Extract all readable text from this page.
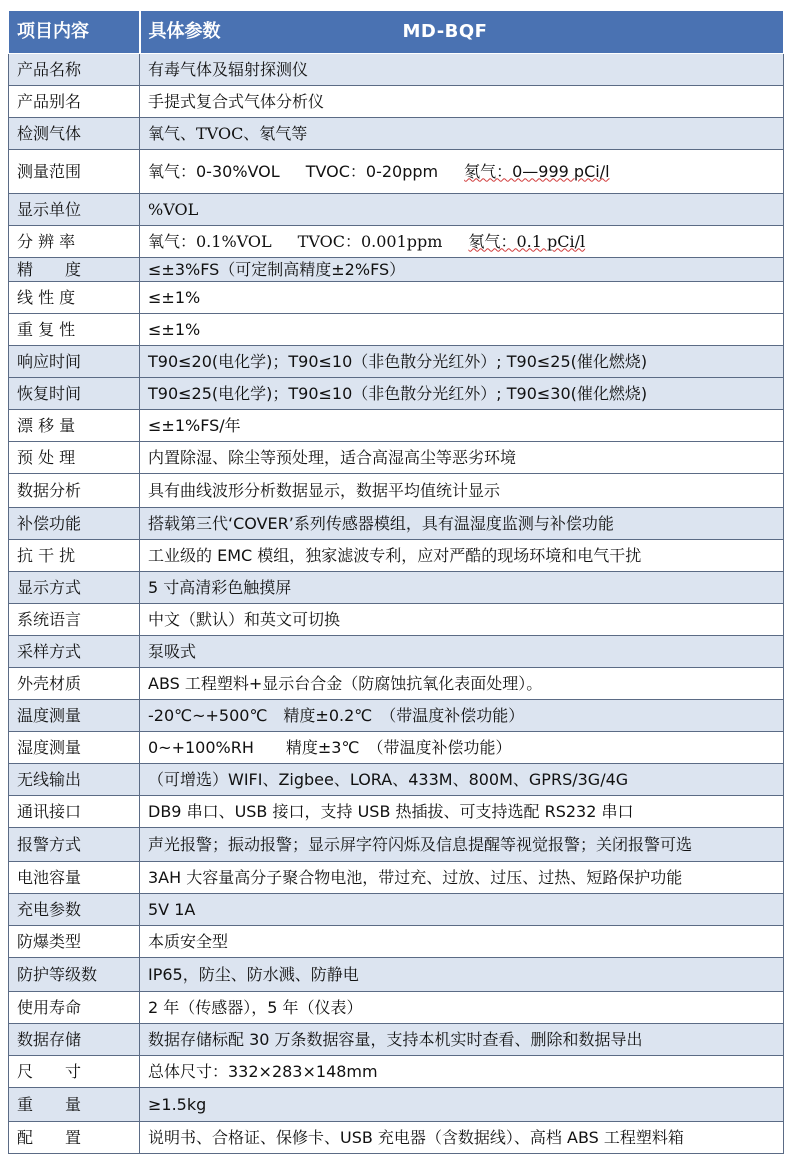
项目内容	具体参数 MD-BQF

产品名称	有毒气体及辐射探测仪
产品别名	手提式复合式气体分析仪
检测气体	氧气、TVOC、氡气等
测量范围	氧气：0-30%VOL TVOC：0-20ppm 氡气：0—999 pCi/l
显示单位	%VOL
分 辨 率	氧气：0.1%VOL TVOC：0.001ppm 氡气：0.1 pCi/l
精　　度	≤±3%FS（可定制高精度±2%FS）
线 性 度	≤±1%
重 复 性	≤±1%
响应时间	T90≤20(电化学)；T90≤10（非色散分光红外）; T90≤25(催化燃烧)
恢复时间	T90≤25(电化学)；T90≤10（非色散分光红外）; T90≤30(催化燃烧)
漂 移 量	≤±1%FS/年
预 处 理	内置除湿、除尘等预处理，适合高湿高尘等恶劣环境
数据分析	具有曲线波形分析数据显示，数据平均值统计显示
补偿功能	搭载第三代‘COVER’系列传感器模组，具有温湿度监测与补偿功能
抗 干 扰	工业级的 EMC 模组，独家滤波专利，应对严酷的现场环境和电气干扰
显示方式	5 寸高清彩色触摸屏
系统语言	中文（默认）和英文可切换
采样方式	泵吸式
外壳材质	ABS 工程塑料+显示台合金（防腐蚀抗氧化表面处理）。
温度测量	-20℃~+500℃　精度±0.2℃　（带温度补偿功能）
湿度测量	0~+100%RH　　精度±3℃　（带温度补偿功能）
无线输出	（可增选）WIFI、Zigbee、LORA、433M、800M、GPRS/3G/4G
通讯接口	DB9 串口、USB 接口，支持 USB 热插拔、可支持选配 RS232 串口
报警方式	声光报警；振动报警；显示屏字符闪烁及信息提醒等视觉报警；关闭报警可选
电池容量	3AH 大容量高分子聚合物电池，带过充、过放、过压、过热、短路保护功能
充电参数	5V 1A
防爆类型	本质安全型
防护等级数	IP65，防尘、防水溅、防静电
使用寿命	2 年（传感器），5 年（仪表）
数据存储	数据存储标配 30 万条数据容量，支持本机实时查看、删除和数据导出
尺　　寸	总体尺寸：332×283×148mm
重　　量	≥1.5kg
配　　置	说明书、合格证、保修卡、USB 充电器（含数据线）、高档 ABS 工程塑料箱
